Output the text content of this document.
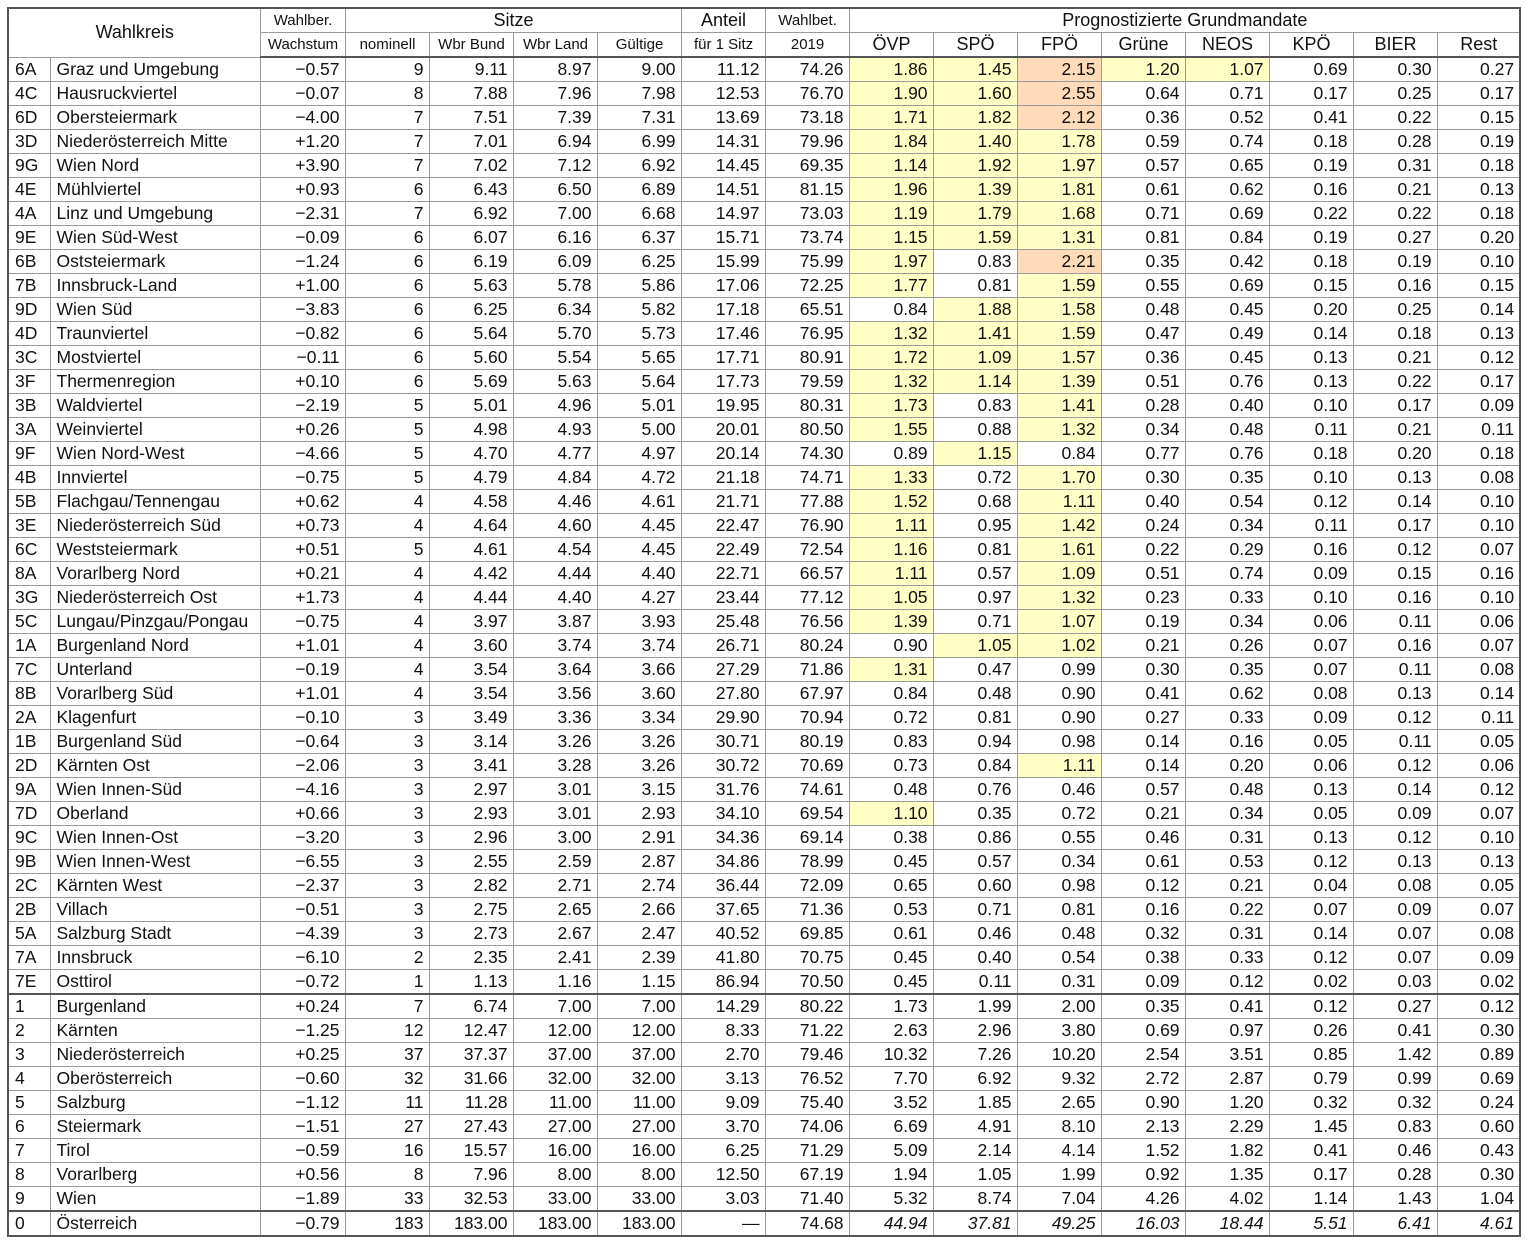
Wahlkreis		Wahlber.	Sitze				Anteil	Wahlbet.	Prognostizierte Grundmandate							
		Wachstum	nominell	Wbr Bund	Wbr Land	Gültige	für 1 Sitz	2019	ÖVP	SPÖ	FPÖ	Grüne	NEOS	KPÖ	BIER	Rest
6A	Graz und Umgebung	−0.57	9	9.11	8.97	9.00	11.12	74.26	1.86	1.45	2.15	1.20	1.07	0.69	0.30	0.27
4C	Hausruckviertel	−0.07	8	7.88	7.96	7.98	12.53	76.70	1.90	1.60	2.55	0.64	0.71	0.17	0.25	0.17
6D	Obersteiermark	−4.00	7	7.51	7.39	7.31	13.69	73.18	1.71	1.82	2.12	0.36	0.52	0.41	0.22	0.15
3D	Niederösterreich Mitte	+1.20	7	7.01	6.94	6.99	14.31	79.96	1.84	1.40	1.78	0.59	0.74	0.18	0.28	0.19
9G	Wien Nord	+3.90	7	7.02	7.12	6.92	14.45	69.35	1.14	1.92	1.97	0.57	0.65	0.19	0.31	0.18
4E	Mühlviertel	+0.93	6	6.43	6.50	6.89	14.51	81.15	1.96	1.39	1.81	0.61	0.62	0.16	0.21	0.13
4A	Linz und Umgebung	−2.31	7	6.92	7.00	6.68	14.97	73.03	1.19	1.79	1.68	0.71	0.69	0.22	0.22	0.18
9E	Wien Süd-West	−0.09	6	6.07	6.16	6.37	15.71	73.74	1.15	1.59	1.31	0.81	0.84	0.19	0.27	0.20
6B	Oststeiermark	−1.24	6	6.19	6.09	6.25	15.99	75.99	1.97	0.83	2.21	0.35	0.42	0.18	0.19	0.10
7B	Innsbruck-Land	+1.00	6	5.63	5.78	5.86	17.06	72.25	1.77	0.81	1.59	0.55	0.69	0.15	0.16	0.15
9D	Wien Süd	−3.83	6	6.25	6.34	5.82	17.18	65.51	0.84	1.88	1.58	0.48	0.45	0.20	0.25	0.14
4D	Traunviertel	−0.82	6	5.64	5.70	5.73	17.46	76.95	1.32	1.41	1.59	0.47	0.49	0.14	0.18	0.13
3C	Mostviertel	−0.11	6	5.60	5.54	5.65	17.71	80.91	1.72	1.09	1.57	0.36	0.45	0.13	0.21	0.12
3F	Thermenregion	+0.10	6	5.69	5.63	5.64	17.73	79.59	1.32	1.14	1.39	0.51	0.76	0.13	0.22	0.17
3B	Waldviertel	−2.19	5	5.01	4.96	5.01	19.95	80.31	1.73	0.83	1.41	0.28	0.40	0.10	0.17	0.09
3A	Weinviertel	+0.26	5	4.98	4.93	5.00	20.01	80.50	1.55	0.88	1.32	0.34	0.48	0.11	0.21	0.11
9F	Wien Nord-West	−4.66	5	4.70	4.77	4.97	20.14	74.30	0.89	1.15	0.84	0.77	0.76	0.18	0.20	0.18
4B	Innviertel	−0.75	5	4.79	4.84	4.72	21.18	74.71	1.33	0.72	1.70	0.30	0.35	0.10	0.13	0.08
5B	Flachgau/Tennengau	+0.62	4	4.58	4.46	4.61	21.71	77.88	1.52	0.68	1.11	0.40	0.54	0.12	0.14	0.10
3E	Niederösterreich Süd	+0.73	4	4.64	4.60	4.45	22.47	76.90	1.11	0.95	1.42	0.24	0.34	0.11	0.17	0.10
6C	Weststeiermark	+0.51	5	4.61	4.54	4.45	22.49	72.54	1.16	0.81	1.61	0.22	0.29	0.16	0.12	0.07
8A	Vorarlberg Nord	+0.21	4	4.42	4.44	4.40	22.71	66.57	1.11	0.57	1.09	0.51	0.74	0.09	0.15	0.16
3G	Niederösterreich Ost	+1.73	4	4.44	4.40	4.27	23.44	77.12	1.05	0.97	1.32	0.23	0.33	0.10	0.16	0.10
5C	Lungau/Pinzgau/Pongau	−0.75	4	3.97	3.87	3.93	25.48	76.56	1.39	0.71	1.07	0.19	0.34	0.06	0.11	0.06
1A	Burgenland Nord	+1.01	4	3.60	3.74	3.74	26.71	80.24	0.90	1.05	1.02	0.21	0.26	0.07	0.16	0.07
7C	Unterland	−0.19	4	3.54	3.64	3.66	27.29	71.86	1.31	0.47	0.99	0.30	0.35	0.07	0.11	0.08
8B	Vorarlberg Süd	+1.01	4	3.54	3.56	3.60	27.80	67.97	0.84	0.48	0.90	0.41	0.62	0.08	0.13	0.14
2A	Klagenfurt	−0.10	3	3.49	3.36	3.34	29.90	70.94	0.72	0.81	0.90	0.27	0.33	0.09	0.12	0.11
1B	Burgenland Süd	−0.64	3	3.14	3.26	3.26	30.71	80.19	0.83	0.94	0.98	0.14	0.16	0.05	0.11	0.05
2D	Kärnten Ost	−2.06	3	3.41	3.28	3.26	30.72	70.69	0.73	0.84	1.11	0.14	0.20	0.06	0.12	0.06
9A	Wien Innen-Süd	−4.16	3	2.97	3.01	3.15	31.76	74.61	0.48	0.76	0.46	0.57	0.48	0.13	0.14	0.12
7D	Oberland	+0.66	3	2.93	3.01	2.93	34.10	69.54	1.10	0.35	0.72	0.21	0.34	0.05	0.09	0.07
9C	Wien Innen-Ost	−3.20	3	2.96	3.00	2.91	34.36	69.14	0.38	0.86	0.55	0.46	0.31	0.13	0.12	0.10
9B	Wien Innen-West	−6.55	3	2.55	2.59	2.87	34.86	78.99	0.45	0.57	0.34	0.61	0.53	0.12	0.13	0.13
2C	Kärnten West	−2.37	3	2.82	2.71	2.74	36.44	72.09	0.65	0.60	0.98	0.12	0.21	0.04	0.08	0.05
2B	Villach	−0.51	3	2.75	2.65	2.66	37.65	71.36	0.53	0.71	0.81	0.16	0.22	0.07	0.09	0.07
5A	Salzburg Stadt	−4.39	3	2.73	2.67	2.47	40.52	69.85	0.61	0.46	0.48	0.32	0.31	0.14	0.07	0.08
7A	Innsbruck	−6.10	2	2.35	2.41	2.39	41.80	70.75	0.45	0.40	0.54	0.38	0.33	0.12	0.07	0.09
7E	Osttirol	−0.72	1	1.13	1.16	1.15	86.94	70.50	0.45	0.11	0.31	0.09	0.12	0.02	0.03	0.02
1	Burgenland	+0.24	7	6.74	7.00	7.00	14.29	80.22	1.73	1.99	2.00	0.35	0.41	0.12	0.27	0.12
2	Kärnten	−1.25	12	12.47	12.00	12.00	8.33	71.22	2.63	2.96	3.80	0.69	0.97	0.26	0.41	0.30
3	Niederösterreich	+0.25	37	37.37	37.00	37.00	2.70	79.46	10.32	7.26	10.20	2.54	3.51	0.85	1.42	0.89
4	Oberösterreich	−0.60	32	31.66	32.00	32.00	3.13	76.52	7.70	6.92	9.32	2.72	2.87	0.79	0.99	0.69
5	Salzburg	−1.12	11	11.28	11.00	11.00	9.09	75.40	3.52	1.85	2.65	0.90	1.20	0.32	0.32	0.24
6	Steiermark	−1.51	27	27.43	27.00	27.00	3.70	74.06	6.69	4.91	8.10	2.13	2.29	1.45	0.83	0.60
7	Tirol	−0.59	16	15.57	16.00	16.00	6.25	71.29	5.09	2.14	4.14	1.52	1.82	0.41	0.46	0.43
8	Vorarlberg	+0.56	8	7.96	8.00	8.00	12.50	67.19	1.94	1.05	1.99	0.92	1.35	0.17	0.28	0.30
9	Wien	−1.89	33	32.53	33.00	33.00	3.03	71.40	5.32	8.74	7.04	4.26	4.02	1.14	1.43	1.04
0	Österreich	−0.79	183	183.00	183.00	183.00	—	74.68	44.94	37.81	49.25	16.03	18.44	5.51	6.41	4.61
